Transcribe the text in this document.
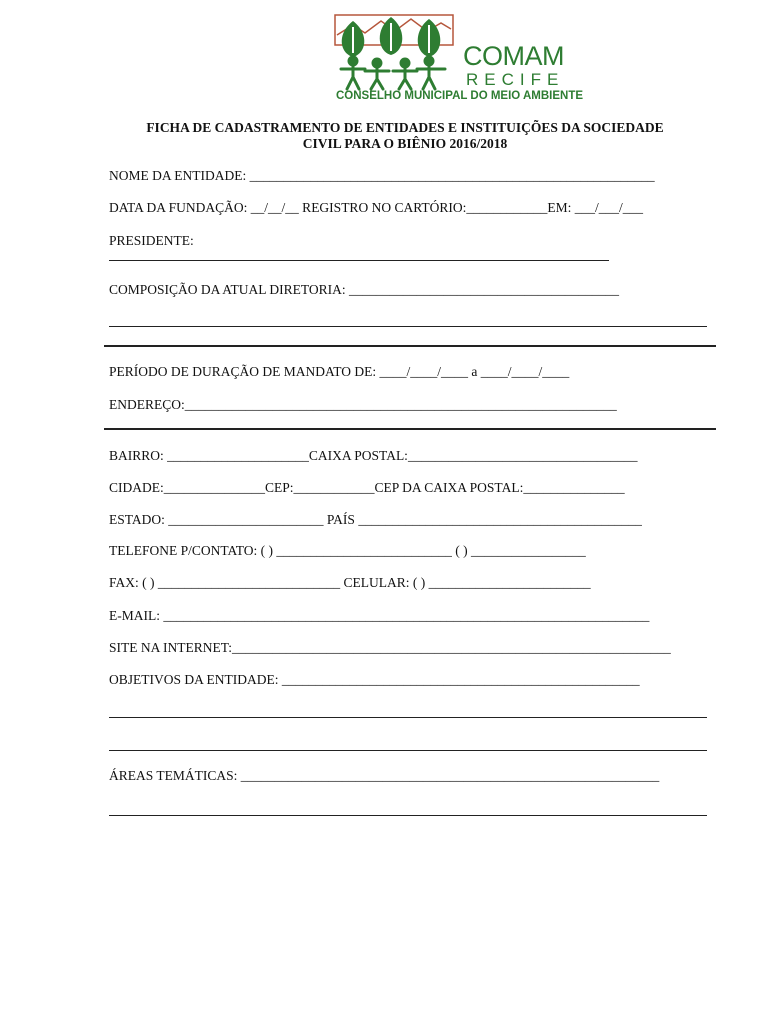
COMAM
RECIFE
CONSELHO MUNICIPAL DO MEIO AMBIENTE
FICHA DE CADASTRAMENTO DE ENTIDADES E INSTITUIÇÕES DA SOCIEDADE
CIVIL PARA O BIÊNIO 2016/2018
NOME DA ENTIDADE: ____________________________________________________________
DATA DA FUNDAÇÃO: __/__/__ REGISTRO NO CARTÓRIO:____________EM: ___/___/___
PRESIDENTE:
COMPOSIÇÃO DA ATUAL DIRETORIA: ________________________________________
PERÍODO DE DURAÇÃO DE MANDATO DE: ____/____/____ a ____/____/____
ENDEREÇO:________________________________________________________________
BAIRRO: _____________________CAIXA POSTAL:__________________________________
CIDADE:_______________CEP:____________CEP DA CAIXA POSTAL:_______________
ESTADO: _______________________ PAÍS __________________________________________
TELEFONE P/CONTATO: ( ) __________________________ ( ) _________________
FAX: ( ) ___________________________ CELULAR: ( ) ________________________
E-MAIL: ________________________________________________________________________
SITE NA INTERNET:_________________________________________________________________
OBJETIVOS DA ENTIDADE: _____________________________________________________
ÁREAS TEMÁTICAS: ______________________________________________________________
